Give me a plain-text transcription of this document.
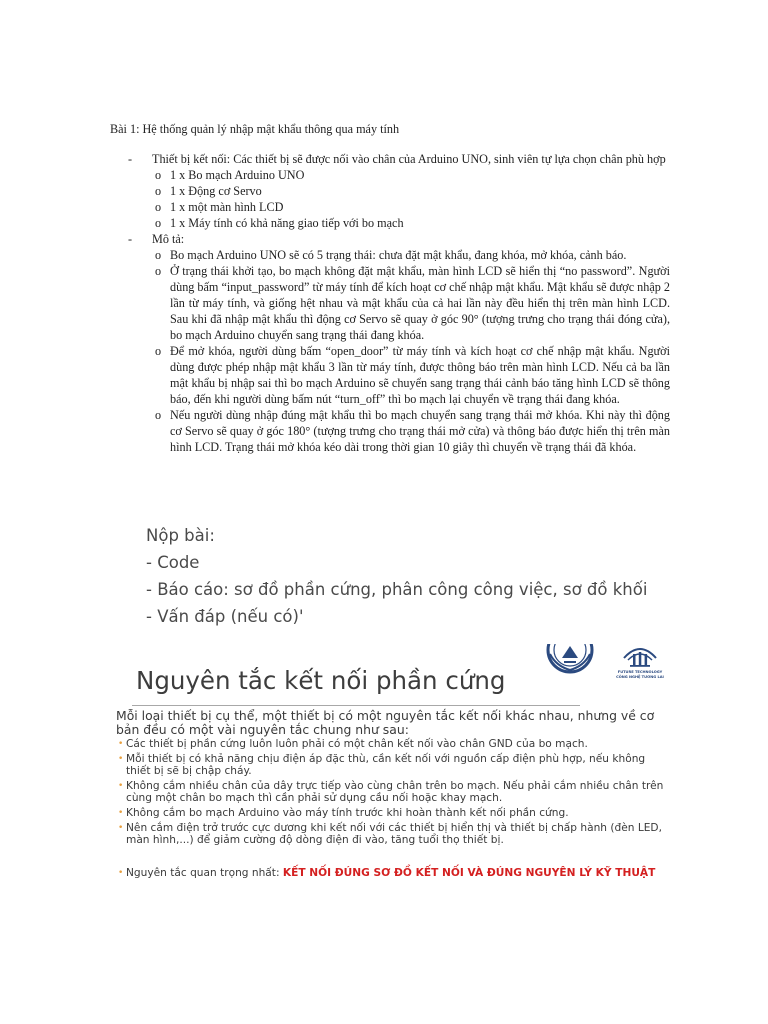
Bài 1: Hệ thống quản lý nhập mật khẩu thông qua máy tính
- Thiết bị kết nối: Các thiết bị sẽ được nối vào chân của Arduino UNO, sinh viên tự lựa chọn chân phù hợp
o 1 x Bo mạch Arduino UNO
o 1 x Động cơ Servo
o 1 x một màn hình LCD
o 1 x Máy tính có khả năng giao tiếp với bo mạch
- Mô tả:
o Bo mạch Arduino UNO sẽ có 5 trạng thái: chưa đặt mật khẩu, đang khóa, mở khóa, cảnh báo.
o Ở trạng thái khởi tạo, bo mạch không đặt mật khẩu, màn hình LCD sẽ hiển thị “no password”. Người dùng bấm “input_password” từ máy tính để kích hoạt cơ chế nhập mật khẩu. Mật khẩu sẽ được nhập 2 lần từ máy tính, và giống hệt nhau và mật khẩu của cả hai lần này đều hiển thị trên màn hình LCD. Sau khi đã nhập mật khẩu thì động cơ Servo sẽ quay ở góc 90° (tượng trưng cho trạng thái đóng cửa), bo mạch Arduino chuyển sang trạng thái đang khóa.
o Để mở khóa, người dùng bấm “open_door” từ máy tính và kích hoạt cơ chế nhập mật khẩu. Người dùng được phép nhập mật khẩu 3 lần từ máy tính, được thông báo trên màn hình LCD. Nếu cả ba lần mật khẩu bị nhập sai thì bo mạch Arduino sẽ chuyển sang trạng thái cảnh báo tăng hình LCD sẽ thông báo, đến khi người dùng bấm nút “turn_off” thì bo mạch lại chuyển về trạng thái đang khóa.
o Nếu người dùng nhập đúng mật khẩu thì bo mạch chuyển sang trạng thái mở khóa. Khi này thì động cơ Servo sẽ quay ở góc 180° (tượng trưng cho trạng thái mở cửa) và thông báo được hiển thị trên màn hình LCD. Trạng thái mở khóa kéo dài trong thời gian 10 giây thì chuyển về trạng thái đã khóa.
Nộp bài:
- Code
- Báo cáo: sơ đồ phần cứng, phân công công việc, sơ đồ khối
- Vấn đáp (nếu có)'
Nguyên tắc kết nối phần cứng	FUTURE TECHNOLOGY
CÔNG NGHỆ TƯƠNG LAI
Mỗi loại thiết bị cụ thể, một thiết bị có một nguyên tắc kết nối khác nhau, nhưng về cơ bản đều có một vài nguyên tắc chung như sau:
• Các thiết bị phần cứng luôn luôn phải có một chân kết nối vào chân GND của bo mạch.
• Mỗi thiết bị có khả năng chịu điện áp đặc thù, cần kết nối với nguồn cấp điện phù hợp, nếu không thiết bị sẽ bị chập cháy.
• Không cắm nhiều chân của dây trực tiếp vào cùng chân trên bo mạch. Nếu phải cắm nhiều chân trên cùng một chân bo mạch thì cần phải sử dụng cầu nối hoặc khay mạch.
• Không cắm bo mạch Arduino vào máy tính trước khi hoàn thành kết nối phần cứng.
• Nên cắm điện trở trước cực dương khi kết nối với các thiết bị hiển thị và thiết bị chấp hành (đèn LED, màn hình,...) để giảm cường độ dòng điện đi vào, tăng tuổi thọ thiết bị.
• Nguyên tắc quan trọng nhất: KẾT NỐI ĐÚNG SƠ ĐỒ KẾT NỐI VÀ ĐÚNG NGUYÊN LÝ KỸ THUẬT
